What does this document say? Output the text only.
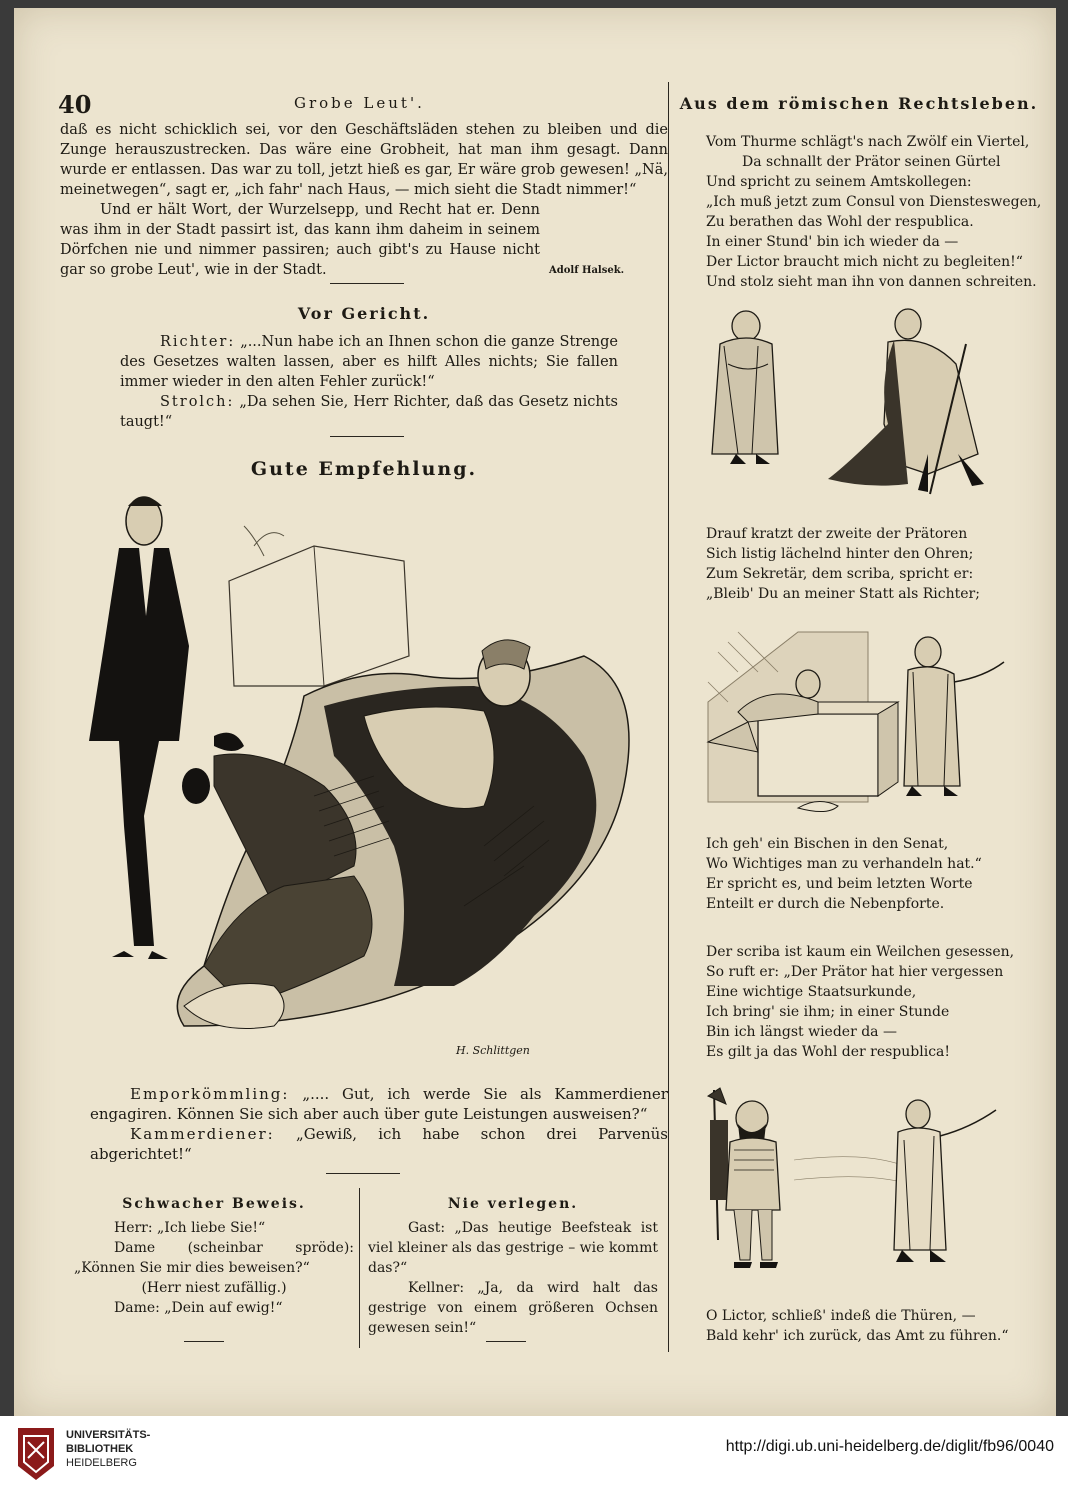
40	Grobe Leut'.

daß es nicht schicklich sei, vor den Geschäftsläden stehen zu bleiben und die Zunge herauszustrecken. Das wäre eine Grobheit, hat man ihm gesagt. Dann wurde er entlassen. Das war zu toll, jetzt hieß es gar, Er wäre grob gewesen! „Nä, meinetwegen“, sagt er, „ich fahr' nach Haus, — mich sieht die Stadt nimmer!“

Und er hält Wort, der Wurzelsepp, und Recht hat er. Denn was ihm in der Stadt passirt ist, das kann ihm daheim in seinem Dörfchen nie und nimmer passiren; auch gibt's zu Hause nicht gar so grobe Leut', wie in der Stadt.	Adolf Halsek.
Vor Gericht.

Richter: „...Nun habe ich an Ihnen schon die ganze Strenge des Gesetzes walten lassen, aber es hilft Alles nichts; Sie fallen immer wieder in den alten Fehler zurück!“

Strolch: „Da sehen Sie, Herr Richter, daß das Gesetz nichts taugt!“

Gute Empfehlung.
H. Schlittgen

Emporkömmling: „.... Gut, ich werde Sie als Kammerdiener engagiren. Können Sie sich aber auch über gute Leistungen ausweisen?“

Kammerdiener: „Gewiß, ich habe schon drei Parvenüs abgerichtet!“

Schwacher Beweis.

Herr: „Ich liebe Sie!“

Dame (scheinbar spröde): „Können Sie mir dies beweisen?“

(Herr niest zufällig.)

Dame: „Dein auf ewig!“

Nie verlegen.

Gast: „Das heutige Beefsteak ist viel kleiner als das gestrige – wie kommt das?“

Kellner: „Ja, da wird halt das gestrige von einem größeren Ochsen gewesen sein!“

Aus dem römischen Rechtsleben.

Vom Thurme schlägt's nach Zwölf ein Viertel,

Da schnallt der Prätor seinen Gürtel

Und spricht zu seinem Amtskollegen:

„Ich muß jetzt zum Consul von Diensteswegen,

Zu berathen das Wohl der respublica.

In einer Stund' bin ich wieder da —

Der Lictor braucht mich nicht zu begleiten!“

Und stolz sieht man ihn von dannen schreiten.

Drauf kratzt der zweite der Prätoren

Sich listig lächelnd hinter den Ohren;

Zum Sekretär, dem scriba, spricht er:

„Bleib' Du an meiner Statt als Richter;

Ich geh' ein Bischen in den Senat,

Wo Wichtiges man zu verhandeln hat.“

Er spricht es, und beim letzten Worte

Enteilt er durch die Nebenpforte.

Der scriba ist kaum ein Weilchen gesessen,

So ruft er: „Der Prätor hat hier vergessen

Eine wichtige Staatsurkunde,

Ich bring' sie ihm; in einer Stunde

Bin ich längst wieder da —

Es gilt ja das Wohl der respublica!

O Lictor, schließ' indeß die Thüren, —

Bald kehr' ich zurück, das Amt zu führen.“

UNIVERSITÄTS-
BIBLIOTHEK
HEIDELBERG
http://digi.ub.uni-heidelberg.de/diglit/fb96/0040
